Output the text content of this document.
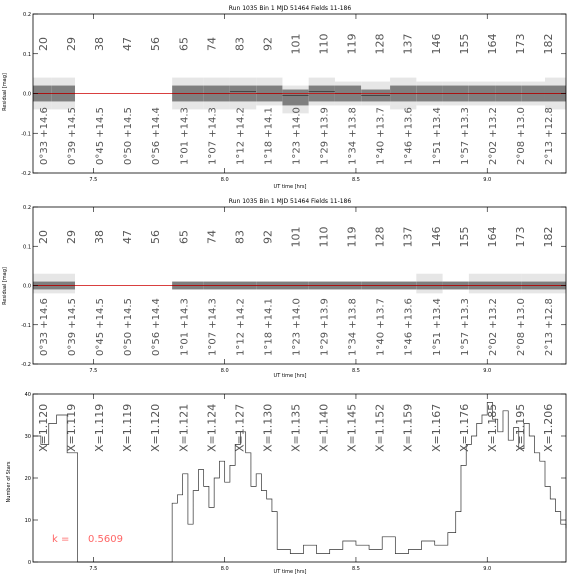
Run 1035 Bin 1 MJD 51464 Fields 11-186
UT time [hrs]
Residual [mag]
20 29 38 47 56 65 74 83 92 101 110 119 128 137 146 155 164 173 182
0°33 +14.6 0°39 +14.5 0°45 +14.5 0°50 +14.5 0°56 +14.4 1°01 +14.3 1°07 +14.3 1°12 +14.2 1°18 +14.1 1°23 +14.0 1°29 +13.9 1°34 +13.8 1°40 +13.7 1°46 +13.6 1°51 +13.4 1°57 +13.3 2°02 +13.2 2°08 +13.0 2°13 +12.8
-0.2
-0.1
0.0
0.1
0.2
7.5	8.0	8.5	9.0
Run 1035 Bin 1 MJD 51464 Fields 11-186
UT time [hrs]
Residual [mag]
20 29 38 47 56 65 74 83 92 101 110 119 128 137 146 155 164 173 182
0°33 +14.6 0°39 +14.5 0°45 +14.5 0°50 +14.5 0°56 +14.4 1°01 +14.3 1°07 +14.3 1°12 +14.2 1°18 +14.1 1°23 +14.0 1°29 +13.9 1°34 +13.8 1°40 +13.7 1°46 +13.6 1°51 +13.4 1°57 +13.3 2°02 +13.2 2°08 +13.0 2°13 +12.8
-0.2
-0.1
0.0
0.1
0.2
7.5	8.0	8.5	9.0
UT time [hrs]
Number of Stars
k = 0.5609
X=1.120 X=1.119 X=1.119 X=1.119 X=1.120 X=1.121 X=1.124 X=1.127 X=1.130 X=1.135 X=1.140 X=1.145 X=1.152 X=1.159 X=1.167 X=1.176 X=1.185 X=1.195 X=1.206
0
10
20
30
40
7.5	8.0	8.5	9.0
